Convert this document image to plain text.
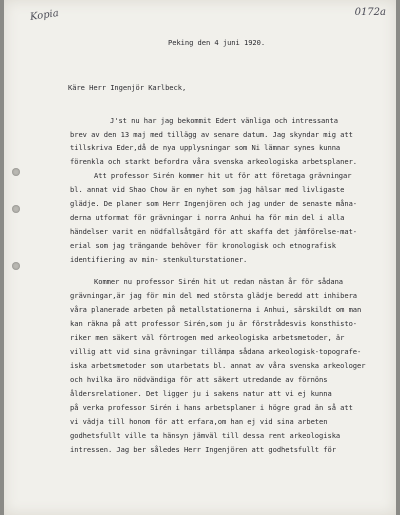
Kopia	0172a
Peking den 4 juni 1920.
Käre Herr Ingenjör Karlbeck,
J'st nu har jag bekommit Edert vänliga och intressanta
brev av den 13 maj med tillägg av senare datum. Jag skyndar mig att
tillskriva Eder,då de nya upplysningar som Ni lämnar synes kunna
förenkla och starkt befordra våra svenska arkeologiska arbetsplaner.
Att professor Sirén kommer hit ut för att företaga grävningar
bl. annat vid Shao Chow är en nyhet som jag hälsar med livligaste
glädje. De planer som Herr Ingenjören och jag under de senaste måna-
derna utformat för grävningar i norra Anhui ha för min del i alla
händelser varit en nödfallsåtgärd för att skaffa det jämförelse-mat-
erial som jag trängande behöver för kronologisk och etnografisk
identifiering av min- stenkulturstationer.
Kommer nu professor Sirén hit ut redan nästan år för sådana
grävningar,är jag för min del med största glädje beredd att inhibera
våra planerade arbeten på metallstationerna i Anhui, särskildt om man
kan räkna på att professor Sirén,som ju är förstrådesvis konsthisto-
riker men säkert väl förtrogen med arkeologiska arbetsmetoder, är
villig att vid sina grävningar tillämpa sådana arkeologisk-topografe-
iska arbetsmetoder som utarbetats bl. annat av våra svenska arkeologer
och hvilka äro nödvändiga för att säkert utredande av förnöns
åldersrelationer. Det ligger ju i sakens natur att vi ej kunna
på verka professor Sirén i hans arbetsplaner i högre grad än så att
vi vädja till honom för att erfara,om han ej vid sina arbeten
godhetsfullt ville ta hänsyn jämväl till dessa rent arkeologiska
intressen. Jag ber således Herr Ingenjören att godhetsfullt för
